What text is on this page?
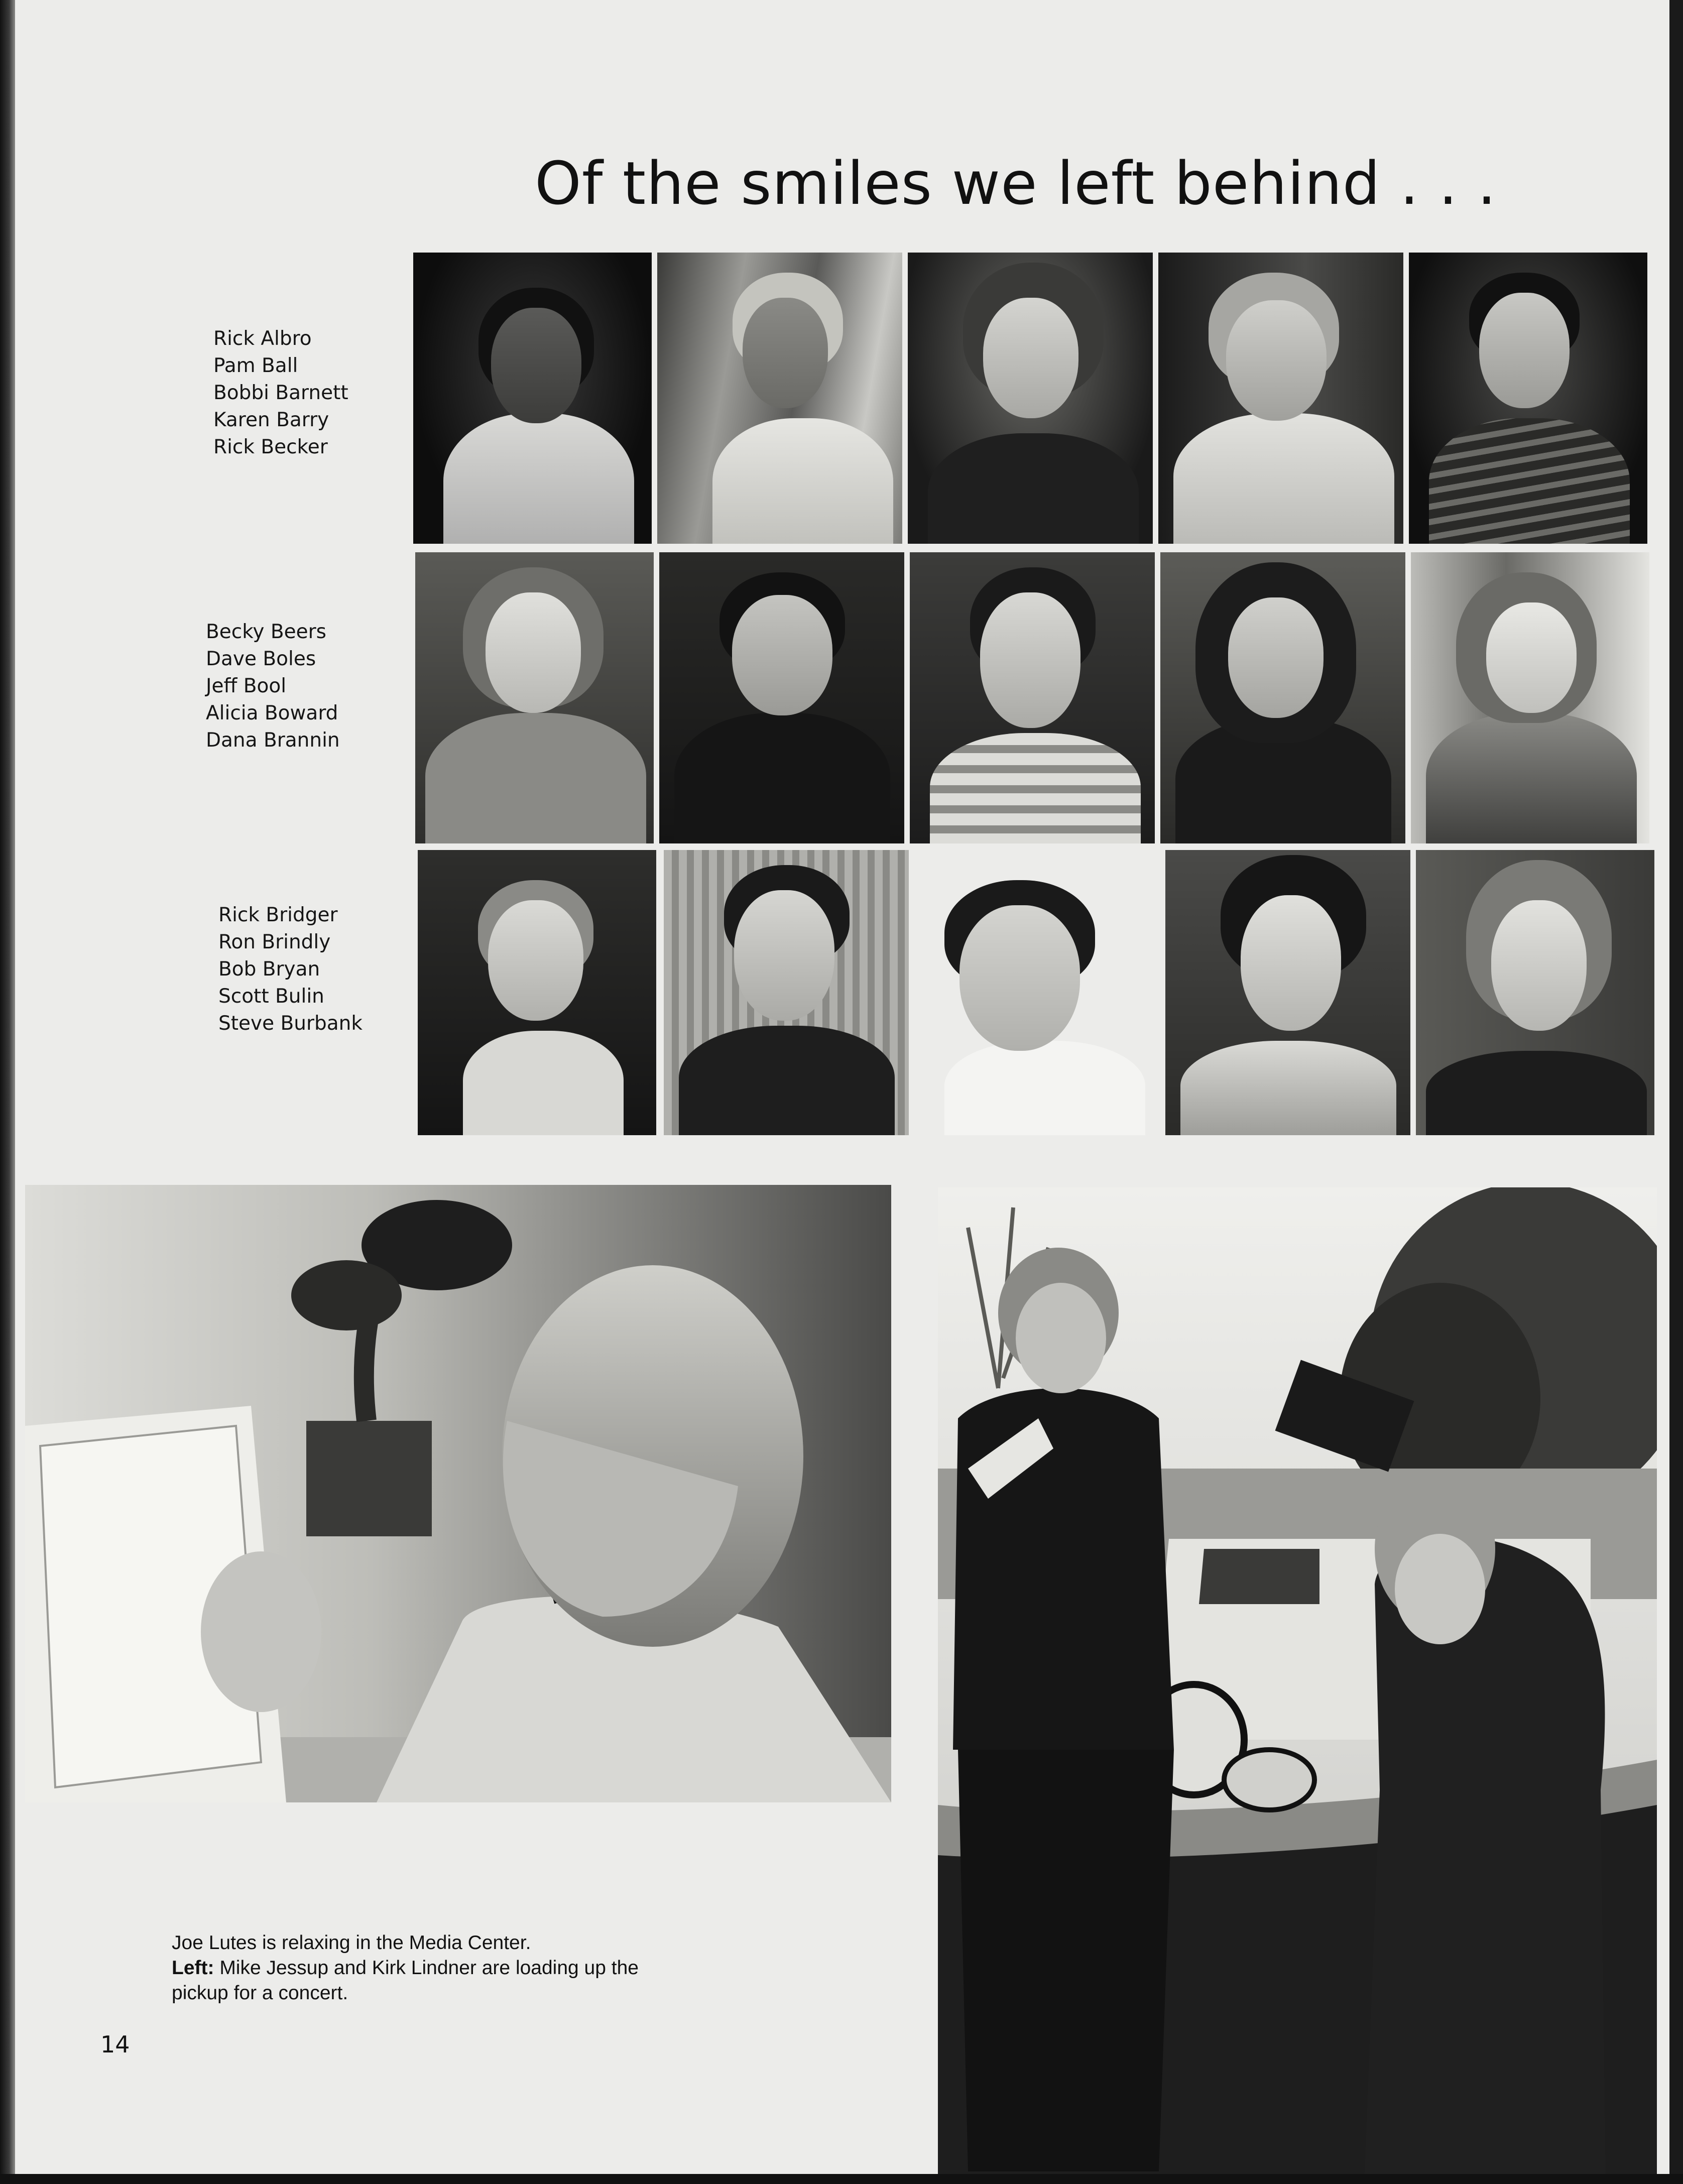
Of the smiles we left behind . . .
Rick Albro
Pam Ball
Bobbi Barnett
Karen Barry
Rick Becker
Becky Beers
Dave Boles
Jeff Bool
Alicia Boward
Dana Brannin
Rick Bridger
Ron Brindly
Bob Bryan
Scott Bulin
Steve Burbank
Joe Lutes is relaxing in the Media Center.
Left: Mike Jessup and Kirk Lindner are loading up the pickup for a concert.
14
